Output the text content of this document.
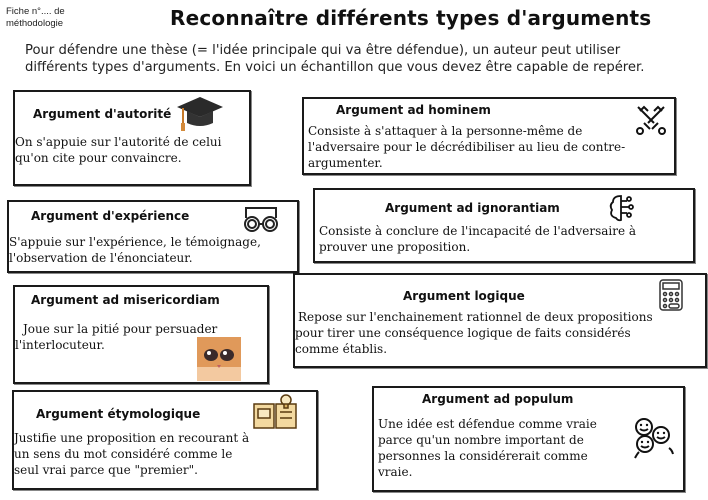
Fiche n°.... de
méthodologie	Reconnaître différents types d'arguments
Pour défendre une thèse (= l'idée principale qui va être défendue), un auteur peut utiliser
différents types d'arguments. En voici un échantillon que vous devez être capable de repérer.
Argument d'autorité

On s'appuie sur l'autorité de celui
qu'on cite pour convaincre.

Argument ad hominem

Consiste à s'attaquer à la personne-même de
l'adversaire pour le décrédibiliser au lieu de contre-
argumenter.

Argument d'expérience

S'appuie sur l'expérience, le témoignage,
l'observation de l'énonciateur.

Argument ad ignorantiam

Consiste à conclure de l'incapacité de l'adversaire à
prouver une proposition.

Argument ad misericordiam

Joue sur la pitié pour persuader
l'interlocuteur.

Argument logique

Repose sur l'enchainement rationnel de deux propositions
pour tirer une conséquence logique de faits considérés
comme établis.

Argument étymologique

Justifie une proposition en recourant à
un sens du mot considéré comme le
seul vrai parce que "premier".

Argument ad populum

Une idée est défendue comme vraie
parce qu'un nombre important de
personnes la considérerait comme
vraie.
